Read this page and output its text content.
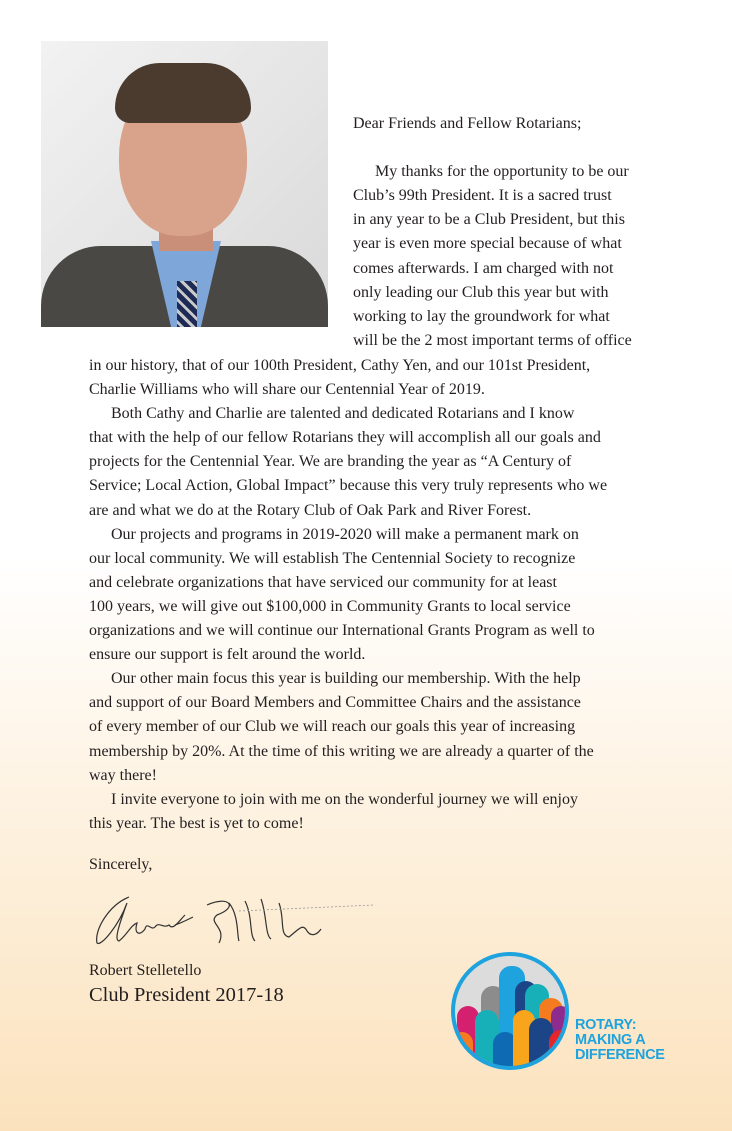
Dear Friends and Fellow Rotarians;
My thanks for the opportunity to be our
Club’s 99th President. It is a sacred trust
in any year to be a Club President, but this
year is even more special because of what
comes afterwards. I am charged with not
only leading our Club this year but with
working to lay the groundwork for what
will be the 2 most important terms of office
in our history, that of our 100th President, Cathy Yen, and our 101st President,
Charlie Williams who will share our Centennial Year of 2019.
Both Cathy and Charlie are talented and dedicated Rotarians and I know
that with the help of our fellow Rotarians they will accomplish all our goals and
projects for the Centennial Year. We are branding the year as “A Century of
Service; Local Action, Global Impact” because this very truly represents who we
are and what we do at the Rotary Club of Oak Park and River Forest.
Our projects and programs in 2019-2020 will make a permanent mark on
our local community. We will establish The Centennial Society to recognize
and celebrate organizations that have serviced our community for at least
100 years, we will give out $100,000 in Community Grants to local service
organizations and we will continue our International Grants Program as well to
ensure our support is felt around the world.
Our other main focus this year is building our membership. With the help
and support of our Board Members and Committee Chairs and the assistance
of every member of our Club we will reach our goals this year of increasing
membership by 20%. At the time of this writing we are already a quarter of the
way there!
I invite everyone to join with me on the wonderful journey we will enjoy
this year. The best is yet to come!
Sincerely,
Robert Stelletello
Club President 2017-18
ROTARY:
MAKING A
DIFFERENCE
